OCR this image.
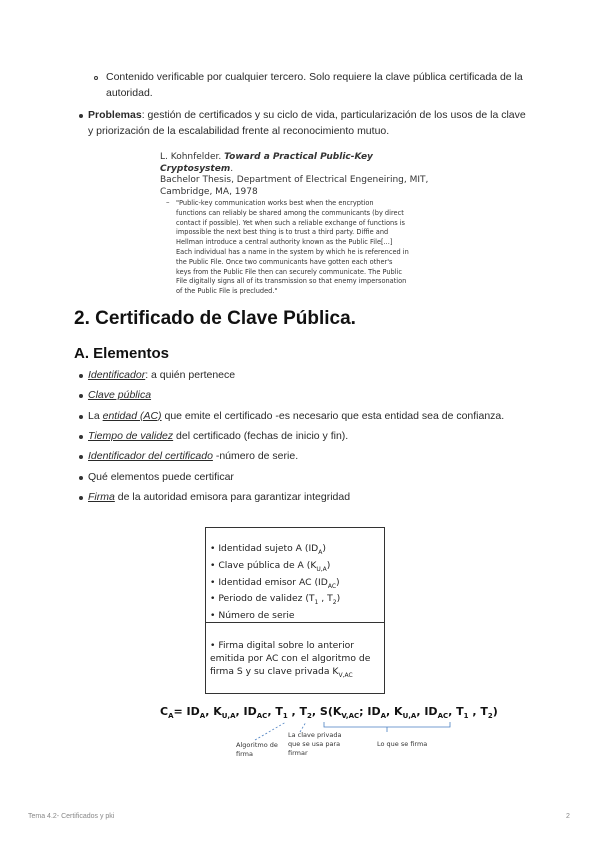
Contenido verificable por cualquier tercero. Solo requiere la clave pública certificada de la autoridad.
Problemas: gestión de certificados y su ciclo de vida, particularización de los usos de la clave y priorización de la escalabilidad frente al reconocimiento mutuo.
L. Kohnfelder. Toward a Practical Public-Key Cryptosystem.
Bachelor Thesis, Department of Electrical Engeneiring, MIT,
Cambridge, MA, 1978
– "Public-key communication works best when the encryption
functions can reliably be shared among the communicants (by direct
contact if possible). Yet when such a reliable exchange of functions is
impossible the next best thing is to trust a third party. Diffie and
Hellman introduce a central authority known as the Public File[...]
Each individual has a name in the system by which he is referenced in
the Public File. Once two communicants have gotten each other's
keys from the Public File then can securely communicate. The Public
File digitally signs all of its transmission so that enemy impersonation
of the Public File is precluded."
2. Certificado de Clave Pública.
A. Elementos
Identificador: a quién pertenece
Clave pública
La entidad (AC) que emite el certificado -es necesario que esta entidad sea de confianza.
Tiempo de validez del certificado (fechas de inicio y fin).
Identificador del certificado -número de serie.
Qué elementos puede certificar
Firma de la autoridad emisora para garantizar integridad
• Identidad sujeto A $(ID_A)$
• Clave pública de A $(K_{U,A})$
• Identidad emisor AC $(ID_{AC})$
• Periodo de validez ($T_1$ , $T_2$)
• Número de serie
• Firma digital sobre lo anterior
emitida por AC con el algoritmo de
firma S y su clave privada $K_{V,AC}$
$C_A= ID_A$, $K_{U,A}$, $ID_{AC}$, $T_1$ , $T_2$, $S(K_{V,AC}$; $ID_A$, $K_{U,A}$, $ID_{AC}$, $T_1$ , $T_2$)
Algoritmo de
firma
La clave privada
que se usa para
firmar
Lo que se firma
Tema 4.2- Certificados y pki	2
